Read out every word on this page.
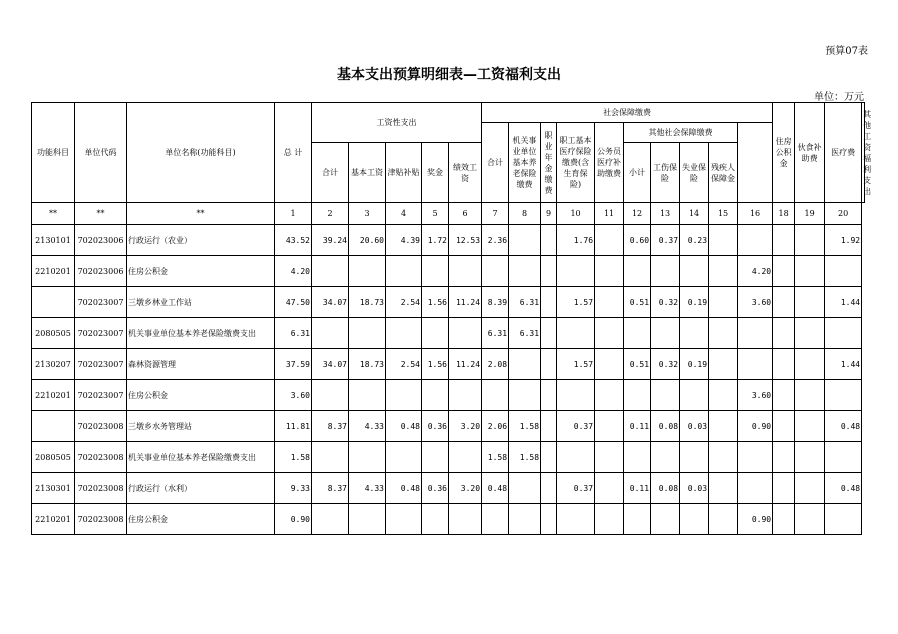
预算07表
基本支出预算明细表—工资福利支出
单位：万元
功能科目	单位代码	单位名称(功能科目)	总 计	工资性支出					社会保障缴费										住房公积金	伙食补助费	医疗费	其他工资福利支出
									合计	机关事业单位基本养老保险缴费	职业年金缴费	职工基本医疗保险缴费(含生育保险)	公务员医疗补助缴费	其他社会保障缴费								
				合计	基本工资	津贴补贴	奖金	绩效工资						小计	工伤保险	失业保险	残疾人保障金					

**	**	**	1	2	3	4	5	6	7	8	9	10	11	12	13	14	15	16	18	19	20	
2130101	702023006	行政运行（农业）	43.52	39.24	20.60	4.39	1.72	12.53	2.36			1.76		0.60	0.37	0.23					1.92	
2210201	702023006	住房公积金	4.20															4.20				
	702023007	三墩乡林业工作站	47.50	34.07	18.73	2.54	1.56	11.24	8.39	6.31		1.57		0.51	0.32	0.19		3.60			1.44	
2080505	702023007	机关事业单位基本养老保险缴费支出	6.31						6.31	6.31												
2130207	702023007	森林资源管理	37.59	34.07	18.73	2.54	1.56	11.24	2.08			1.57		0.51	0.32	0.19					1.44	
2210201	702023007	住房公积金	3.60															3.60				
	702023008	三墩乡水务管理站	11.81	8.37	4.33	0.48	0.36	3.20	2.06	1.58		0.37		0.11	0.08	0.03		0.90			0.48	
2080505	702023008	机关事业单位基本养老保险缴费支出	1.58						1.58	1.58												
2130301	702023008	行政运行（水利）	9.33	8.37	4.33	0.48	0.36	3.20	0.48			0.37		0.11	0.08	0.03					0.48	
2210201	702023008	住房公积金	0.90															0.90				
